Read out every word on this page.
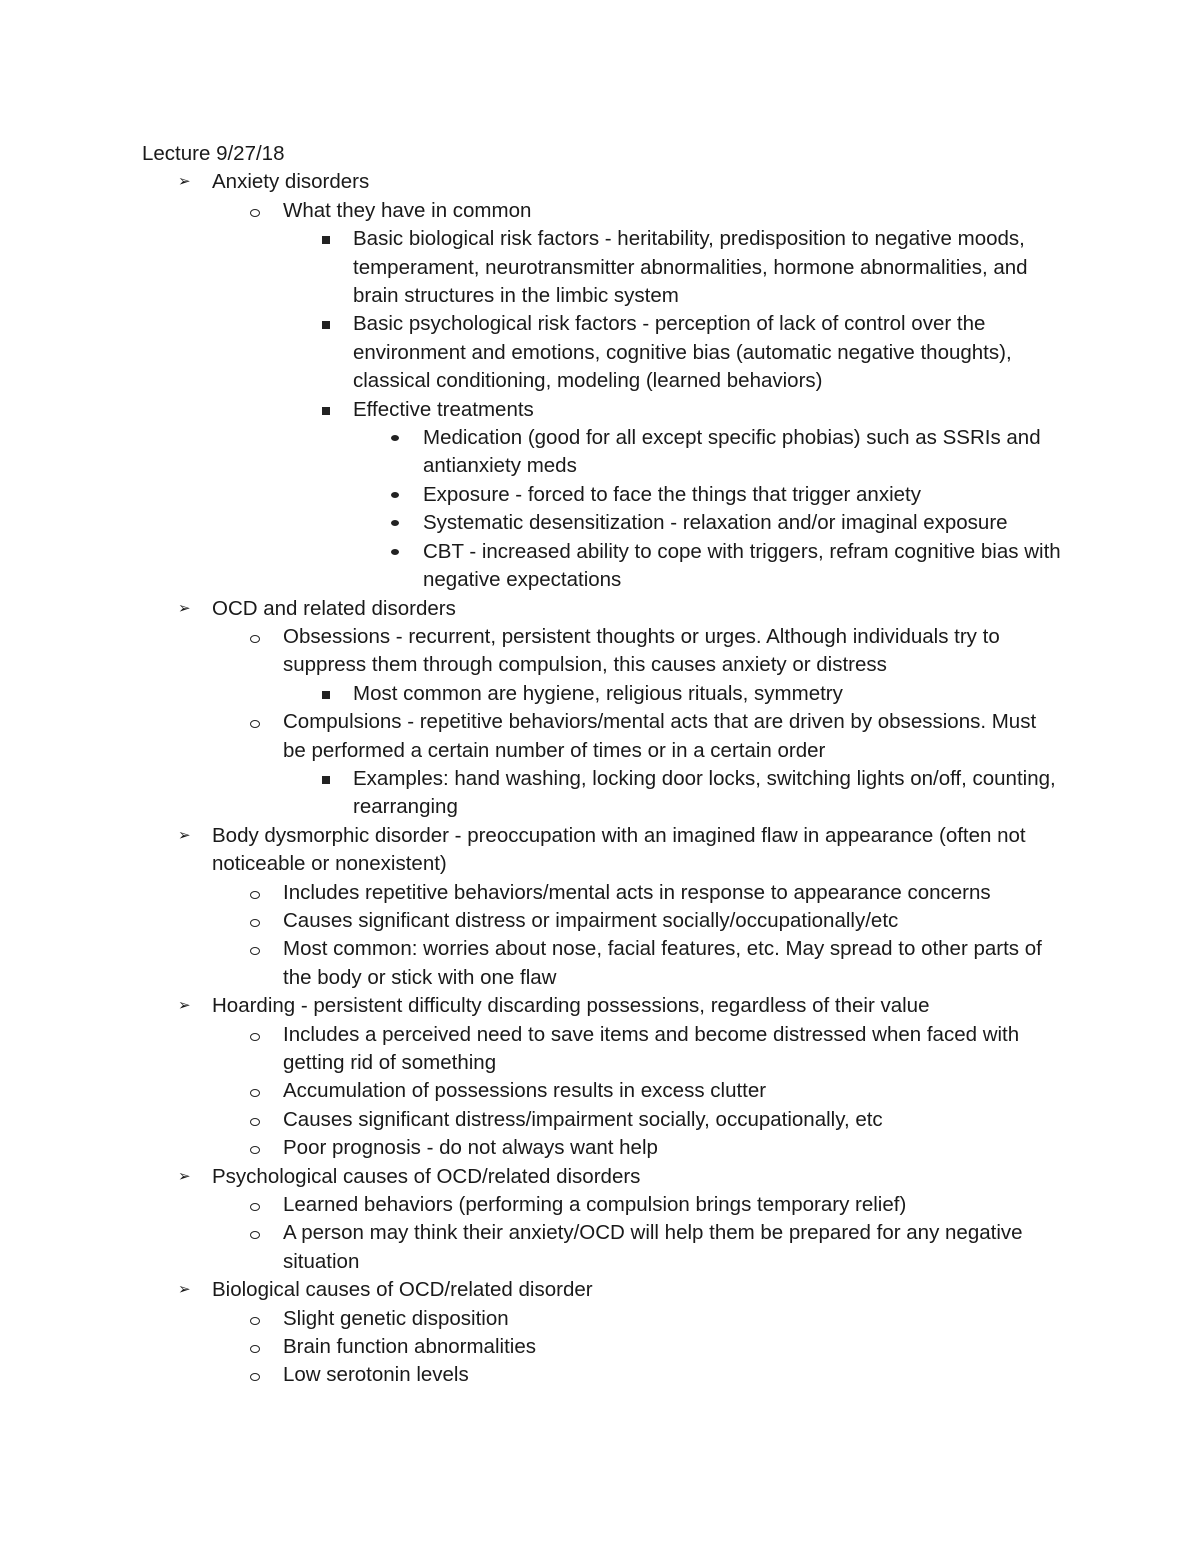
Lecture 9/27/18

➢
Anxiety disorders
What they have in common
Basic biological risk factors - heritability, predisposition to negative moods, temperament, neurotransmitter abnormalities, hormone abnormalities, and brain structures in the limbic system
Basic psychological risk factors - perception of lack of control over the environment and emotions, cognitive bias (automatic negative thoughts), classical conditioning, modeling (learned behaviors)
Effective treatments
Medication (good for all except specific phobias) such as SSRIs and antianxiety meds
Exposure - forced to face the things that trigger anxiety
Systematic desensitization - relaxation and/or imaginal exposure
CBT - increased ability to cope with triggers, refram cognitive bias with negative expectations
➢
OCD and related disorders
Obsessions - recurrent, persistent thoughts or urges. Although individuals try to suppress them through compulsion, this causes anxiety or distress
Most common are hygiene, religious rituals, symmetry
Compulsions - repetitive behaviors/mental acts that are driven by obsessions. Must be performed a certain number of times or in a certain order
Examples: hand washing, locking door locks, switching lights on/off, counting, rearranging
➢
Body dysmorphic disorder - preoccupation with an imagined flaw in appearance (often not noticeable or nonexistent)
Includes repetitive behaviors/mental acts in response to appearance concerns
Causes significant distress or impairment socially/occupationally/etc
Most common: worries about nose, facial features, etc. May spread to other parts of the body or stick with one flaw
➢
Hoarding - persistent difficulty discarding possessions, regardless of their value
Includes a perceived need to save items and become distressed when faced with getting rid of something
Accumulation of possessions results in excess clutter
Causes significant distress/impairment socially, occupationally, etc
Poor prognosis - do not always want help
➢
Psychological causes of OCD/related disorders
Learned behaviors (performing a compulsion brings temporary relief)
A person may think their anxiety/OCD will help them be prepared for any negative situation
➢
Biological causes of OCD/related disorder
Slight genetic disposition
Brain function abnormalities
Low serotonin levels
